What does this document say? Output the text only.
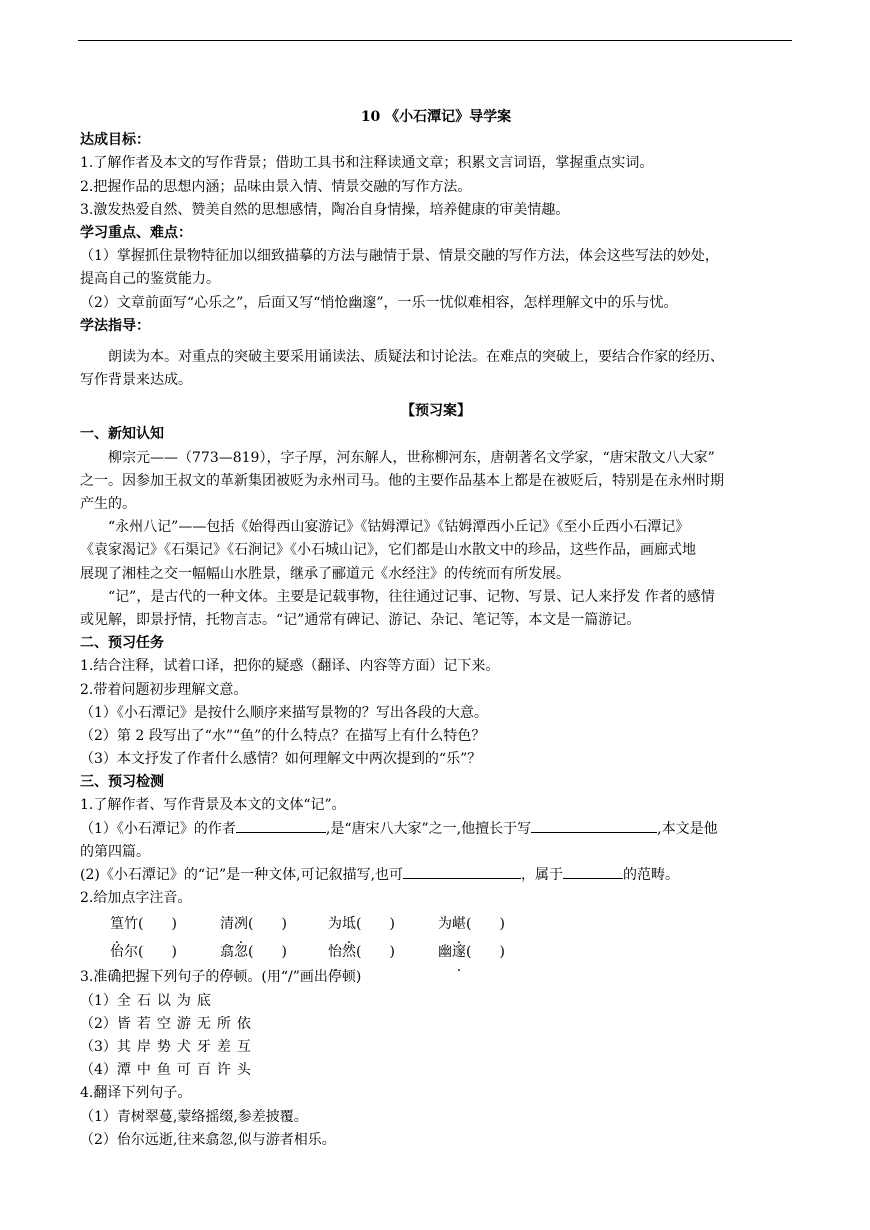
10 《小石潭记》导学案
达成目标：
1.了解作者及本文的写作背景；借助工具书和注释读通文章；积累文言词语，掌握重点实词。
2.把握作品的思想内涵；品味由景入情、情景交融的写作方法。
3.激发热爱自然、赞美自然的思想感情，陶冶自身情操，培养健康的审美情趣。
学习重点、难点：
（1）掌握抓住景物特征加以细致描摹的方法与融情于景、情景交融的写作方法，体会这些写法的妙处，
提高自己的鉴赏能力。
（2）文章前面写“心乐之”，后面又写“悄怆幽邃”，一乐一忧似难相容，怎样理解文中的乐与忧。
学法指导：
朗读为本。对重点的突破主要采用诵读法、质疑法和讨论法。在难点的突破上，要结合作家的经历、
写作背景来达成。
【预习案】
一、新知认知
柳宗元——（773—819），字子厚，河东解人，世称柳河东，唐朝著名文学家，“唐宋散文八大家”
之一。因参加王叔文的革新集团被贬为永州司马。他的主要作品基本上都是在被贬后，特别是在永州时期
产生的。
“永州八记”——包括《始得西山宴游记》《钴姆潭记》《钴姆潭西小丘记》《至小丘西小石潭记》
《袁家渴记》《石渠记》《石涧记》《小石城山记》，它们都是山水散文中的珍品，这些作品，画廊式地
展现了湘桂之交一幅幅山水胜景，继承了郦道元《水经注》的传统而有所发展。
“记”，是古代的一种文体。主要是记载事物，往往通过记事、记物、写景、记人来抒发 作者的感情
或见解，即景抒情，托物言志。“记”通常有碑记、游记、杂记、笔记等，本文是一篇游记。
二、预习任务
1.结合注释，试着口译，把你的疑惑（翻译、内容等方面）记下来。
2.带着问题初步理解文意。
（1）《小石潭记》是按什么顺序来描写景物的？写出各段的大意。
（2）第 2 段写出了“水”“鱼”的什么特点？在描写上有什么特色？
（3）本文抒发了作者什么感情？如何理解文中两次提到的“乐”？
三、预习检测
1.了解作者、写作背景及本文的文体“记”。
（1）《小石潭记》的作者	,是“唐宋八大家”之一,他擅长于写	,本文是他
的第四篇。
(2)《小石潭记》的“记”是一种文体,可记叙描写,也可	，属于	的范畴。
2.给加点字注音。
篁竹(　　)	清冽(　　)	为坻(　　)	为嵁(　　)
佁尔(　　)	翕忽(　　)	怡然(　　)	幽邃(　　)
3.准确把握下列句子的停顿。(用“/”画出停顿)
（1）全石以为底
（2）皆若空游无所依
（3）其岸势犬牙差互
（4）潭中鱼可百许头
4.翻译下列句子。
（1）青树翠蔓,蒙络摇缀,参差披覆。
（2）佁尔远逝,往来翕忽,似与游者相乐。
